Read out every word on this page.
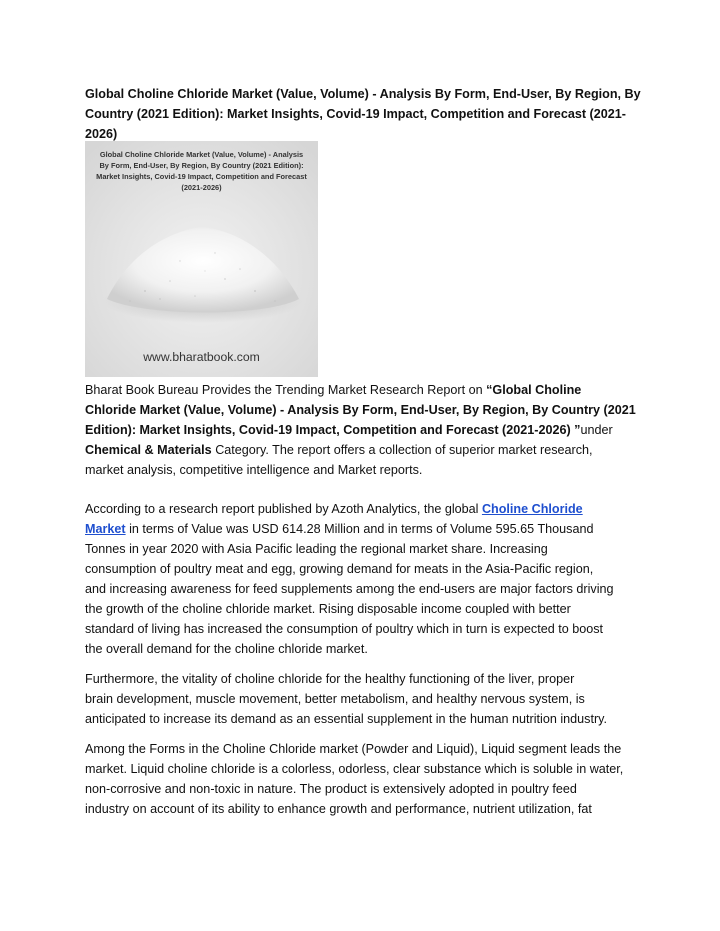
Global Choline Chloride Market (Value, Volume) - Analysis By Form, End-User, By Region, By
Country (2021 Edition): Market Insights, Covid-19 Impact, Competition and Forecast (2021-
2026)
Global Choline Chloride Market (Value, Volume) - Analysis
By Form, End-User, By Region, By Country (2021 Edition):
Market Insights, Covid-19 Impact, Competition and Forecast
(2021-2026)
www.bharatbook.com
Bharat Book Bureau Provides the Trending Market Research Report on “Global Choline
Chloride Market (Value, Volume) - Analysis By Form, End-User, By Region, By Country (2021
Edition): Market Insights, Covid-19 Impact, Competition and Forecast (2021-2026) ”under
Chemical & Materials Category. The report offers a collection of superior market research,
market analysis, competitive intelligence and Market reports.
According to a research report published by Azoth Analytics, the global Choline Chloride
Market in terms of Value was USD 614.28 Million and in terms of Volume 595.65 Thousand
Tonnes in year 2020 with Asia Pacific leading the regional market share. Increasing
consumption of poultry meat and egg, growing demand for meats in the Asia-Pacific region,
and increasing awareness for feed supplements among the end-users are major factors driving
the growth of the choline chloride market. Rising disposable income coupled with better
standard of living has increased the consumption of poultry which in turn is expected to boost
the overall demand for the choline chloride market.
Furthermore, the vitality of choline chloride for the healthy functioning of the liver, proper
brain development, muscle movement, better metabolism, and healthy nervous system, is
anticipated to increase its demand as an essential supplement in the human nutrition industry.
Among the Forms in the Choline Chloride market (Powder and Liquid), Liquid segment leads the
market. Liquid choline chloride is a colorless, odorless, clear substance which is soluble in water,
non-corrosive and non-toxic in nature. The product is extensively adopted in poultry feed
industry on account of its ability to enhance growth and performance, nutrient utilization, fat
